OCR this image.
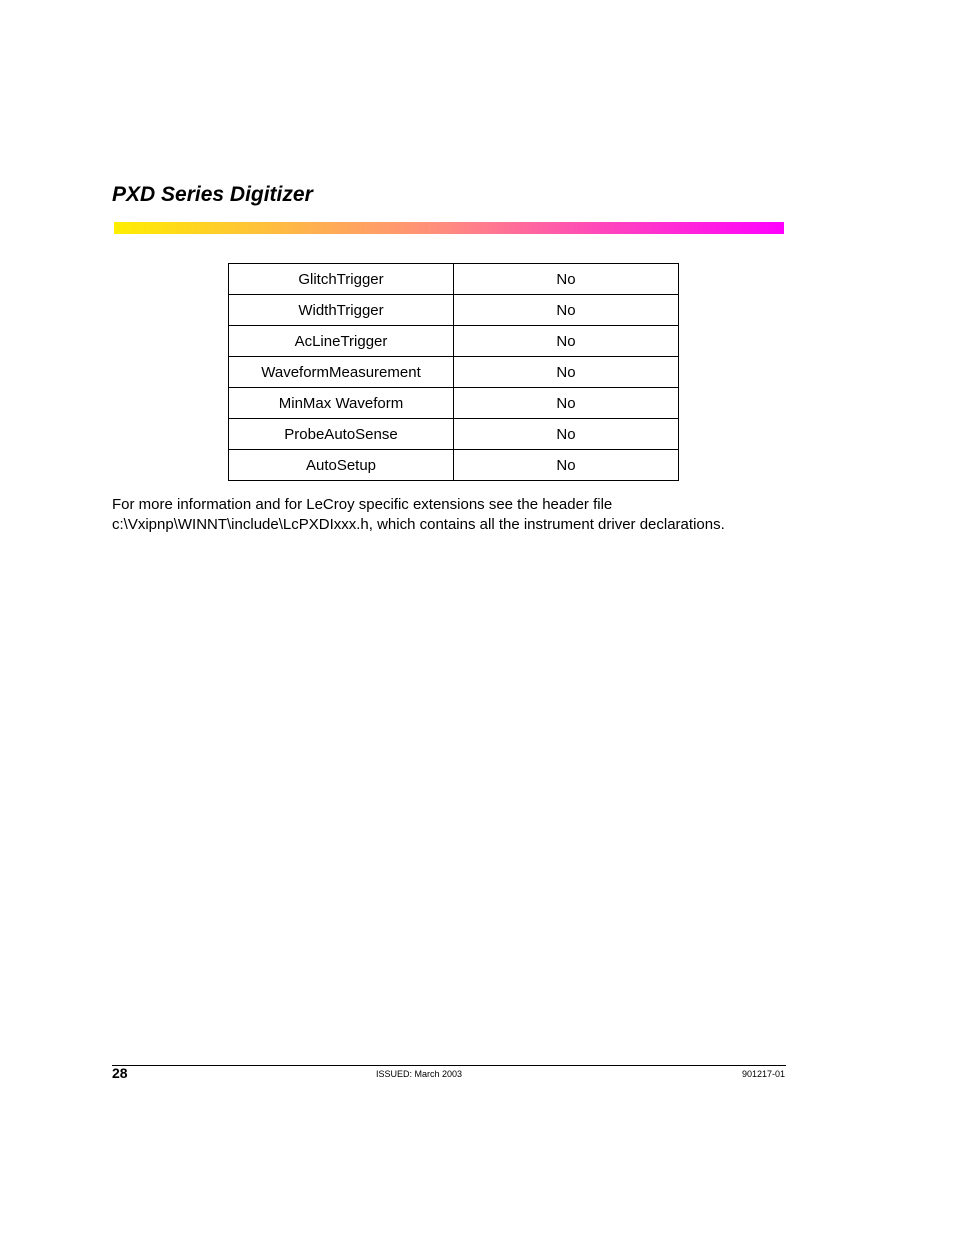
PXD Series Digitizer
GlitchTrigger	No
WidthTrigger	No
AcLineTrigger	No
WaveformMeasurement	No
MinMax Waveform	No
ProbeAutoSense	No
AutoSetup	No

For more information and for LeCroy specific extensions see the header file
c:\Vxipnp\WINNT\include\LcPXDIxxx.h, which contains all the instrument driver declarations.

28	ISSUED: March 2003	901217-01
